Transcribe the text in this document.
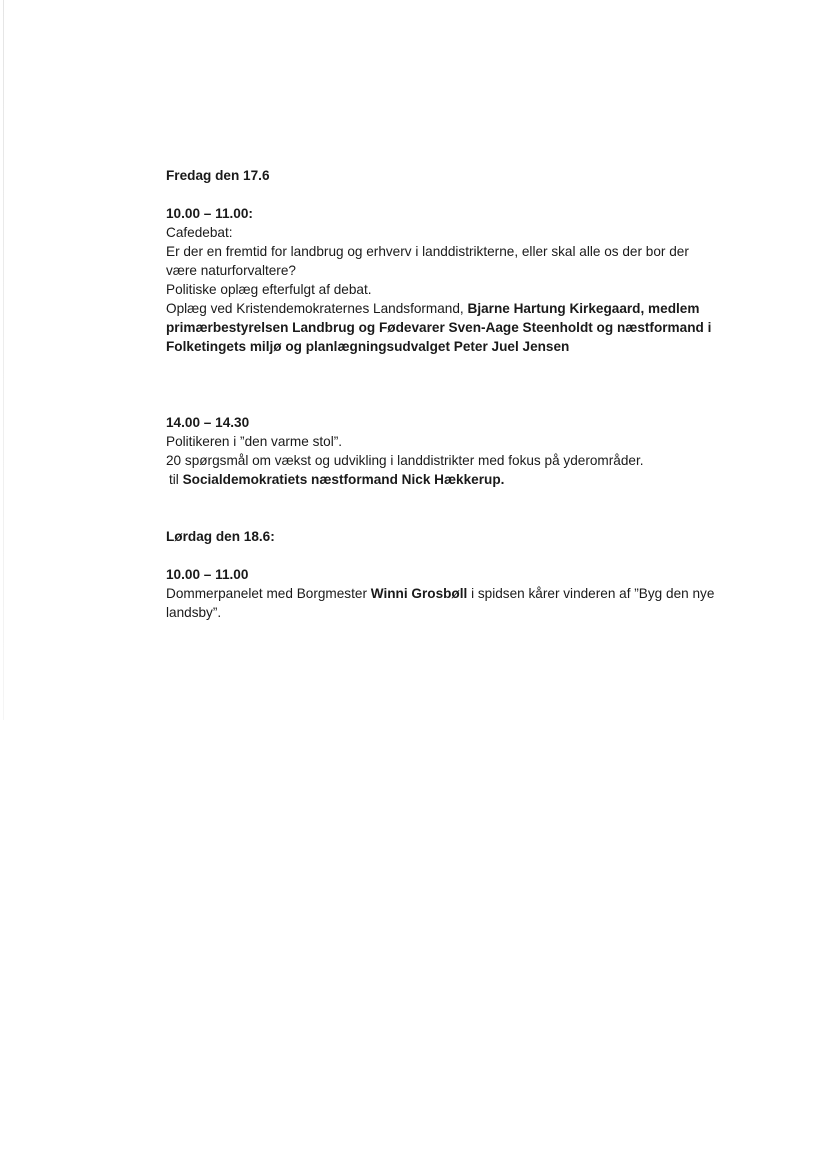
Fredag den 17.6

10.00 – 11.00:

Cafedebat:

Er der en fremtid for landbrug og erhverv i landdistrikterne, eller skal alle os der bor der

være naturforvaltere?

Politiske oplæg efterfulgt af debat.

Oplæg ved Kristendemokraternes Landsformand, Bjarne Hartung Kirkegaard, medlem

primærbestyrelsen Landbrug og Fødevarer Sven-Aage Steenholdt og næstformand i

Folketingets miljø og planlægningsudvalget Peter Juel Jensen

14.00 – 14.30

Politikeren i ”den varme stol”.

20 spørgsmål om vækst og udvikling i landdistrikter med fokus på yderområder.

til Socialdemokratiets næstformand Nick Hækkerup.

Lørdag den 18.6:

10.00 – 11.00

Dommerpanelet med Borgmester Winni Grosbøll i spidsen kårer vinderen af ”Byg den nye

landsby”.
